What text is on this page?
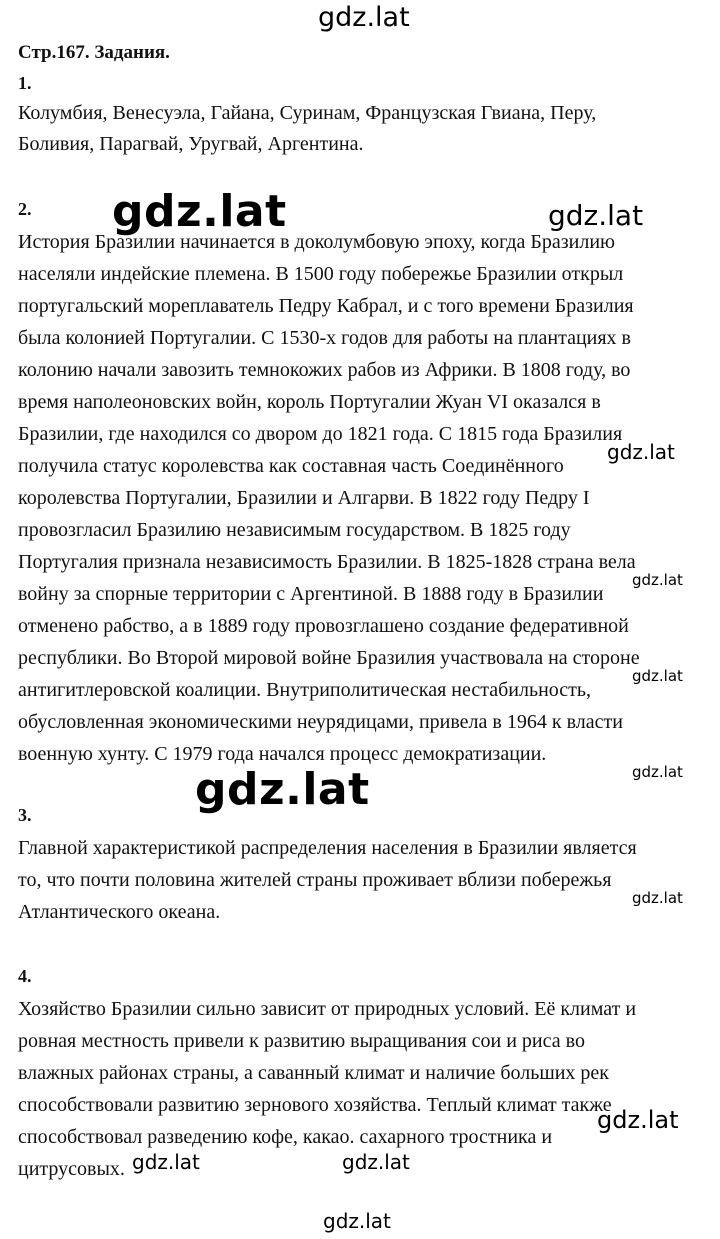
Стр.167. Задания.
1.
Колумбия, Венесуэла, Гайана, Суринам, Французская Гвиана, Перу,
Боливия, Парагвай, Уругвай, Аргентина.
2.
История Бразилии начинается в доколумбовую эпоху, когда Бразилию
населяли индейские племена. В 1500 году побережье Бразилии открыл
португальский мореплаватель Педру Кабрал, и с того времени Бразилия
была колонией Португалии. С 1530-х годов для работы на плантациях в
колонию начали завозить темнокожих рабов из Африки. В 1808 году, во
время наполеоновских войн, король Португалии Жуан VI оказался в
Бразилии, где находился со двором до 1821 года. С 1815 года Бразилия
получила статус королевства как составная часть Соединённого
королевства Португалии, Бразилии и Алгарви. В 1822 году Педру I
провозгласил Бразилию независимым государством. В 1825 году
Португалия признала независимость Бразилии. В 1825-1828 страна вела
войну за спорные территории с Аргентиной. В 1888 году в Бразилии
отменено рабство, а в 1889 году провозглашено создание федеративной
республики. Во Второй мировой войне Бразилия участвовала на стороне
антигитлеровской коалиции. Внутриполитическая нестабильность,
обусловленная экономическими неурядицами, привела в 1964 к власти
военную хунту. С 1979 года начался процесс демократизации.
3.
Главной характеристикой распределения населения в Бразилии является
то, что почти половина жителей страны проживает вблизи побережья
Атлантического океана.
4.
Хозяйство Бразилии сильно зависит от природных условий. Её климат и
ровная местность привели к развитию выращивания сои и риса во
влажных районах страны, а саванный климат и наличие больших рек
способствовали развитию зернового хозяйства. Теплый климат также
способствовал разведению кофе, какао. сахарного тростника и
цитрусовых.
gdz.lat
gdz.lat	gdz.lat
gdz.lat
gdz.lat
gdz.lat
gdz.lat	gdz.lat
gdz.lat
gdz.lat
gdz.lat	gdz.lat
gdz.lat
